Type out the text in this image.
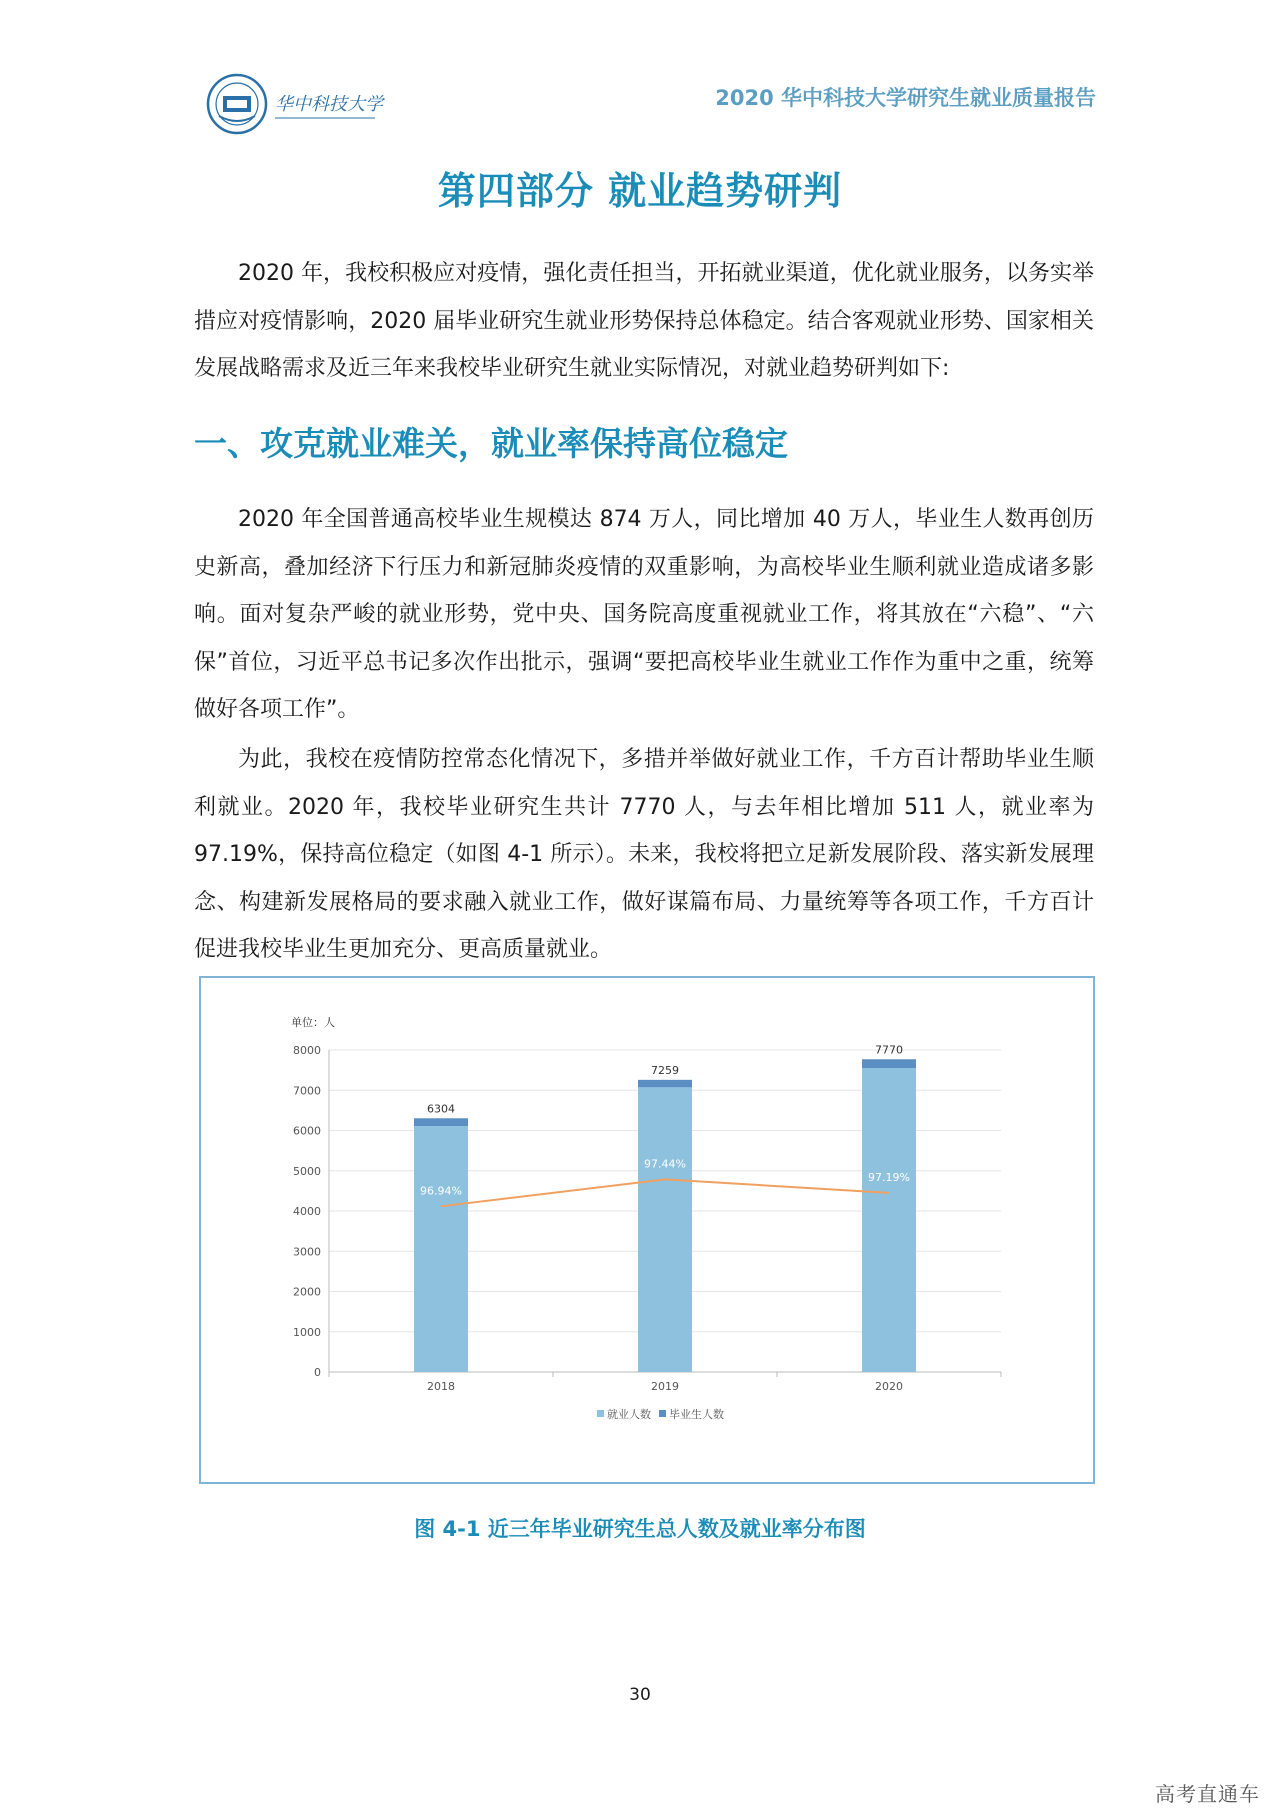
华中科技大学	2020 华中科技大学研究生就业质量报告
第四部分 就业趋势研判

2020 年，我校积极应对疫情，强化责任担当，开拓就业渠道，优化就业服务，以务实举措应对疫情影响，2020 届毕业研究生就业形势保持总体稳定。结合客观就业形势、国家相关发展战略需求及近三年来我校毕业研究生就业实际情况，对就业趋势研判如下:

一、攻克就业难关，就业率保持高位稳定

2020 年全国普通高校毕业生规模达 874 万人，同比增加 40 万人，毕业生人数再创历史新高，叠加经济下行压力和新冠肺炎疫情的双重影响，为高校毕业生顺利就业造成诸多影响。面对复杂严峻的就业形势，党中央、国务院高度重视就业工作，将其放在“六稳”、“六保”首位，习近平总书记多次作出批示，强调“要把高校毕业生就业工作作为重中之重，统筹做好各项工作”。

为此，我校在疫情防控常态化情况下，多措并举做好就业工作，千方百计帮助毕业生顺利就业。2020 年，我校毕业研究生共计 7770 人，与去年相比增加 511 人，就业率为 97.19%，保持高位稳定（如图 4-1 所示）。未来，我校将把立足新发展阶段、落实新发展理念、构建新发展格局的要求融入就业工作，做好谋篇布局、力量统筹等各项工作，千方百计促进我校毕业生更加充分、更高质量就业。

单位：人
0
1000
2000
3000
4000
5000
6000
7000
8000
6304
2018
7259
2019
7770
2020
96.94%
97.44%
97.19%
就业人数 毕业生人数
图 4-1 近三年毕业研究生总人数及就业率分布图
30
高考直通车
